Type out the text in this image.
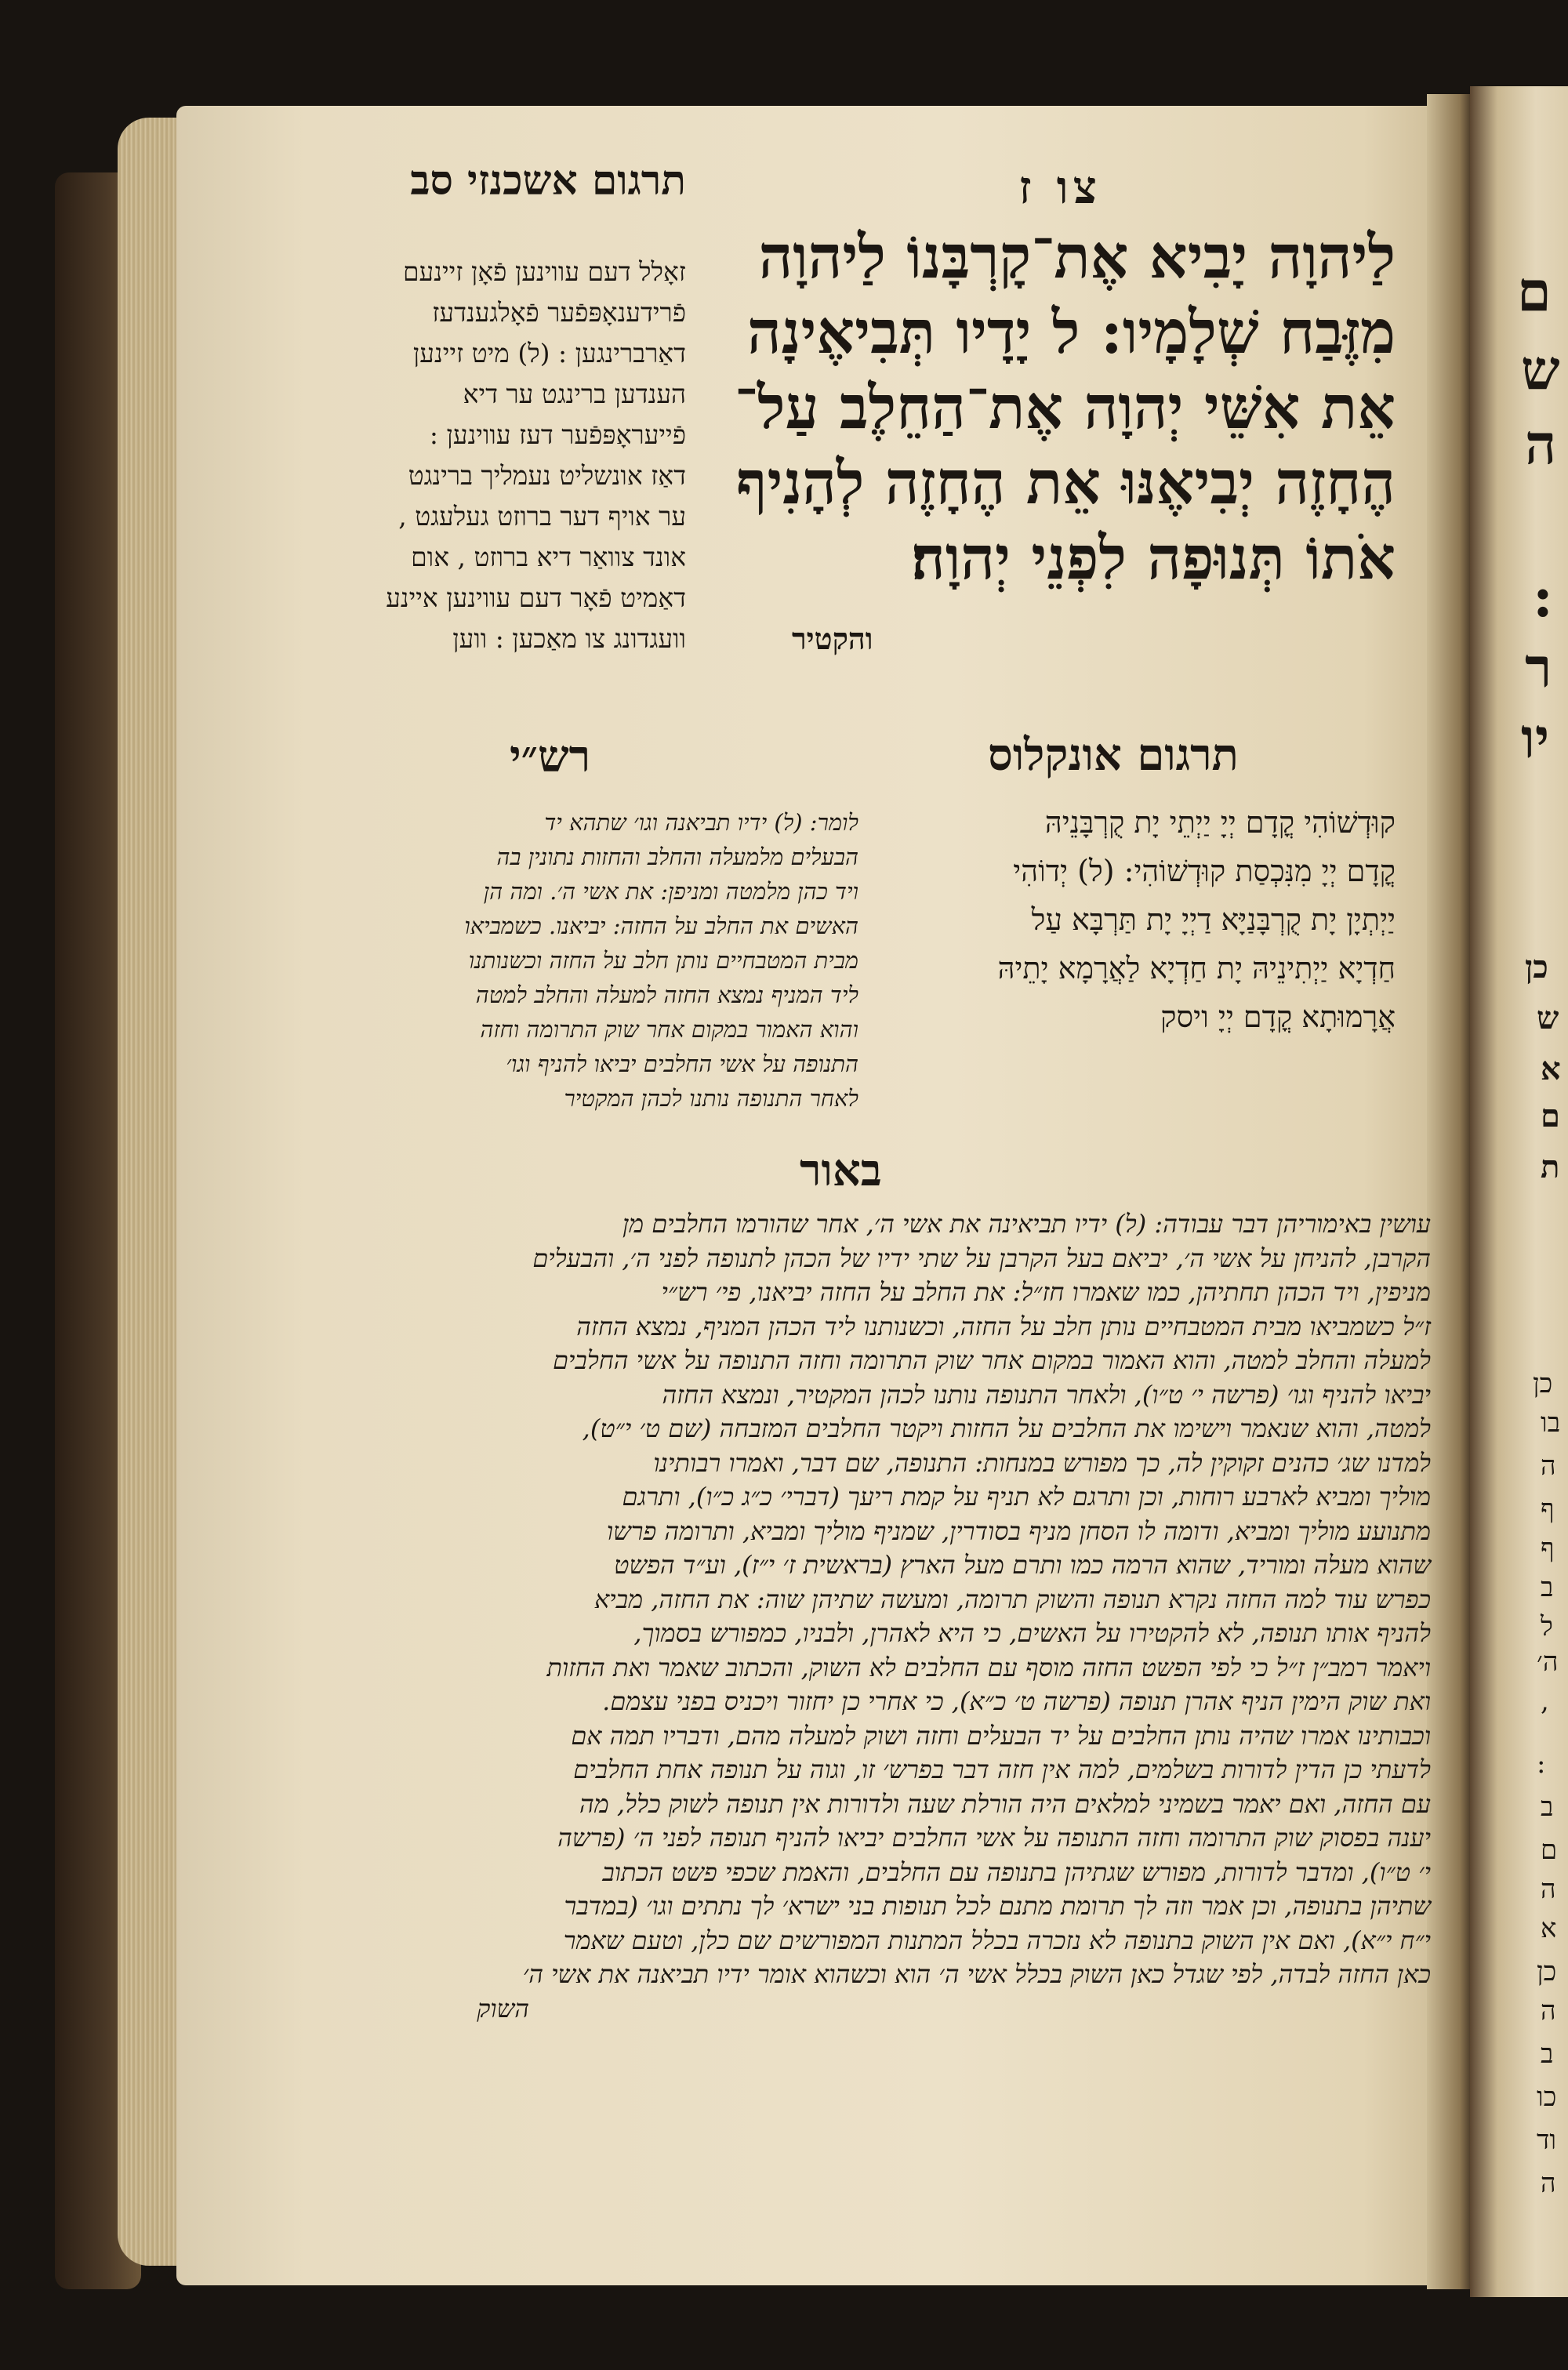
צו ז
תרגום אשכנזי סב
לַיהוָה יָבִיא אֶת־קָרְבָּנוֹ לַיהוָה
מִזֶּבַח שְׁלָמָיו: ל יָדָיו תְּבִיאֶינָה
אֵת אִשֵּׁי יְהוָה אֶת־הַחֵלֶב עַל־
הֶחָזֶה יְבִיאֶנּוּ אֵת הֶחָזֶה לְהָנִיף
אֹתוֹ תְּנוּפָה לִפְנֵי יְהוָה׃
והקטיר
זאָלל דעם עווינען פֿאָן זיינעם
פֿרידענאָפּפֿער פֿאָלגענדעז
דאַרברינגען : (ל) מיט זיינען
הענדען ברינגט ער דיא
פֿייעראָפּפֿער דעז עווינען :
דאַז אונשליט נעמליך ברינגט
ער אויף דער ברוזט געלעגט ,
אונד צוואַר דיא ברוזט , אום
דאַמיט פֿאָר דעם עווינען איינע
וועגדונג צו מאַכען : ווען
תרגום אונקלוס
קוּדְשׁוֹהִי קֳדָם יְיָ יַיְתֵי יָת קֻרְבָּנֵיהּ
קֳדָם יְיָ מִנִּכְסַת קוּדְשׁוֹהִי: (ל) יְדוֹהִי
יַיְתְיָן יָת קֻרְבָּנַיָּא דַיְיָ יָת תַּרְבָּא עַל
חַדְיָא יַיְתִינֵיהּ יָת חַדְיָא לַאֲרָמָא יָתֵיהּ
אֲרָמוּתָא קֳדָם יְיָ ויסק
רש״י
לומר: (ל) ידיו תביאנה וגו׳ שתהא יד
הבעלים מלמעלה והחלב והחזות נתונין בה
ויד כהן מלמטה ומניפן: את אשי ה׳. ומה הן
האשים את החלב על החזה: יביאנו. כשמביאו
מבית המטבחיים נותן חלב על החזה וכשנותנו
ליד המניף נמצא החזה למעלה והחלב למטה
והוא האמור במקום אחר שוק התרומה וחזה
התנופה על אשי החלבים יביאו להניף וגו׳
לאחר התנופה נותנו לכהן המקטיר
באור
עושין באימוריהן דבר עבודה: (ל) ידיו תביאינה את אשי ה׳, אחר שהורמו החלבים מן
הקרבן, להניחן על אשי ה׳, יביאם בעל הקרבן על שתי ידיו של הכהן לתנופה לפני ה׳, והבעלים
מניפין, ויד הכהן תחתיהן, כמו שאמרו חז״ל: את החלב על החזה יביאנו, פי׳ רש״י
ז״ל כשמביאו מבית המטבחיים נותן חלב על החזה, וכשנותנו ליד הכהן המניף, נמצא החזה
למעלה והחלב למטה, והוא האמור במקום אחר שוק התרומה וחזה התנופה על אשי החלבים
יביאו להניף וגו׳ (פרשה י׳ ט״ו), ולאחר התנופה נותנו לכהן המקטיר, ונמצא החזה
למטה, והוא שנאמר וישימו את החלבים על החזות ויקטר החלבים המזבחה (שם ט׳ י״ט),
למדנו שג׳ כהנים זקוקין לה, כך מפורש במנחות: התנופה, שם דבר, ואמרו רבותינו
מוליך ומביא לארבע רוחות, וכן ותרגם לא תניף על קמת ריעך (דברי׳ כ״ג כ״ו), ותרגם
מתנועע מוליך ומביא, ודומה לו הסחן מניף בסודרין, שמניף מוליך ומביא, ותרומה פרשו
שהוא מעלה ומוריד, שהוא הרמה כמו ותרם מעל הארץ (בראשית ז׳ י״ז), וע״ד הפשט
כפרש עוד למה החזה נקרא תנופה והשוק תרומה, ומעשה שתיהן שוה: את החזה, מביא
להניף אותו תנופה, לא להקטירו על האשים, כי היא לאהרן, ולבניו, כמפורש בסמוך,
ויאמר רמב״ן ז״ל כי לפי הפשט החזה מוסף עם החלבים לא השוק, והכתוב שאמר ואת החזות
ואת שוק הימין הניף אהרן תנופה (פרשה ט׳ כ״א), כי אחרי כן יחזור ויכניס בפני עצמם.
וכבותינו אמרו שהיה נותן החלבים על יד הבעלים וחזה ושוק למעלה מהם, ודבריו תמה אם
לדעתי כן הדין לדורות בשלמים, למה אין חזה דבר בפרש׳ זו, וגוה על תנופה אחת החלבים
עם החזה, ואם יאמר בשמיני למלאים היה הורלת שעה ולדורות אין תנופה לשוק כלל, מה
יענה בפסוק שוק התרומה וחזה התנופה על אשי החלבים יביאו להניף תנופה לפני ה׳ (פרשה
י׳ ט״ו), ומדבר לדורות, מפורש שגתיהן בתנופה עם החלבים, והאמת שכפי פשט הכתוב
שתיהן בתנופה, וכן אמר וזה לך תרומת מתנם לכל תנופות בני ישרא׳ לך נתתים וגו׳ (במדבר
י״ח י״א), ואם אין השוק בתנופה לא נזכרה בכלל המתנות המפורשים שם כלן, וטעם שאמר
כאן החזה לבדה, לפי שגדל כאן השוק בכלל אשי ה׳ הוא וכשהוא אומר ידיו תביאנה את אשי ה׳
השוק
ם
ש
ה
:
ר
יו
כן
ש
א
ם
ת
כן
בו
ה
ף
ף
ב
ל
ה׳
,
:
ב
ם
ה
א
כן
ה
ב
כו
וד
ה
